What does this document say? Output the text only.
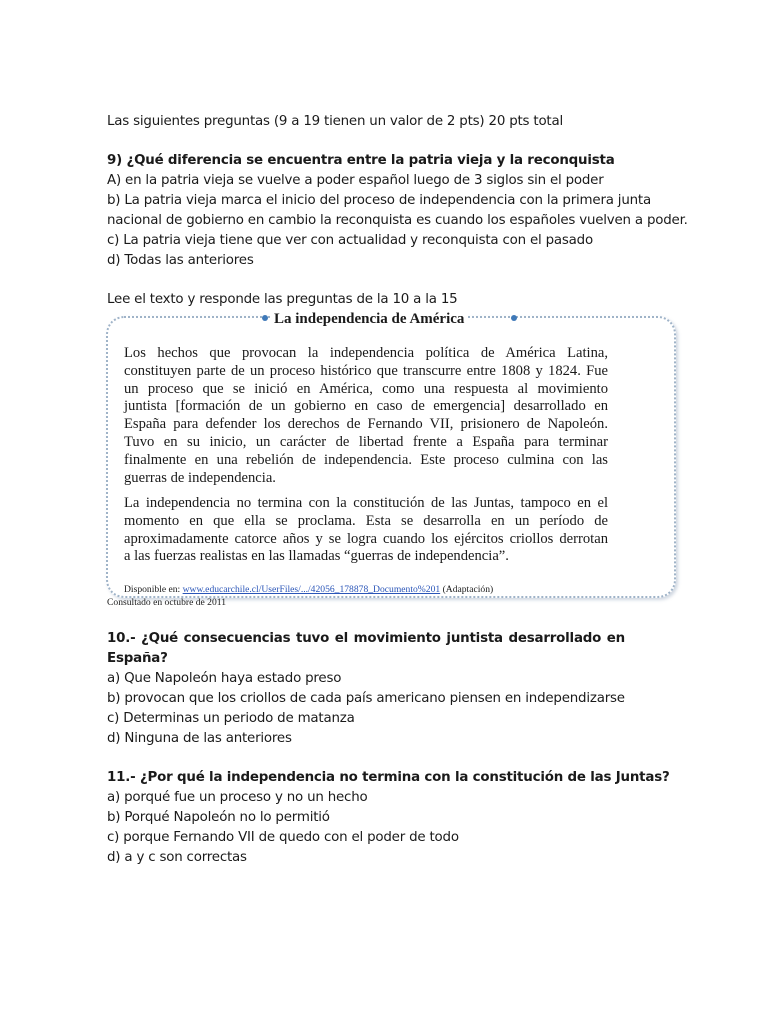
Las siguientes preguntas (9 a 19 tienen un valor de 2 pts) 20 pts total
9) ¿Qué diferencia se encuentra entre la patria vieja y la reconquista
A) en la patria vieja se vuelve a poder español luego de 3 siglos sin el poder
b) La patria vieja marca el inicio del proceso de independencia con la primera junta
nacional de gobierno en cambio la reconquista es cuando los españoles vuelven a poder.
c) La patria vieja tiene que ver con actualidad y reconquista con el pasado
d) Todas las anteriores
Lee el texto y responde las preguntas de la 10 a la 15
La independencia de América
Los hechos que provocan la independencia política de América Latina,
constituyen parte de un proceso histórico que transcurre entre 1808 y 1824. Fue
un proceso que se inició en América, como una respuesta al movimiento
juntista [formación de un gobierno en caso de emergencia] desarrollado en
España para defender los derechos de Fernando VII, prisionero de Napoleón.
Tuvo en su inicio, un carácter de libertad frente a España para terminar
finalmente en una rebelión de independencia. Este proceso culmina con las
guerras de independencia.
La independencia no termina con la constitución de las Juntas, tampoco en el
momento en que ella se proclama. Esta se desarrolla en un período de
aproximadamente catorce años y se logra cuando los ejércitos criollos derrotan
a las fuerzas realistas en las llamadas “guerras de independencia”.
Disponible en: www.educarchile.cl/UserFiles/.../42056_178878_Documento%201 (Adaptación)
Consultado en octubre de 2011
10.- ¿Qué consecuencias tuvo el movimiento juntista desarrollado en
España?
a) Que Napoleón haya estado preso
b) provocan que los criollos de cada país americano piensen en independizarse
c) Determinas un periodo de matanza
d) Ninguna de las anteriores
11.- ¿Por qué la independencia no termina con la constitución de las Juntas?
a) porqué fue un proceso y no un hecho
b) Porqué Napoleón no lo permitió
c) porque Fernando VII de quedo con el poder de todo
d) a y c son correctas
